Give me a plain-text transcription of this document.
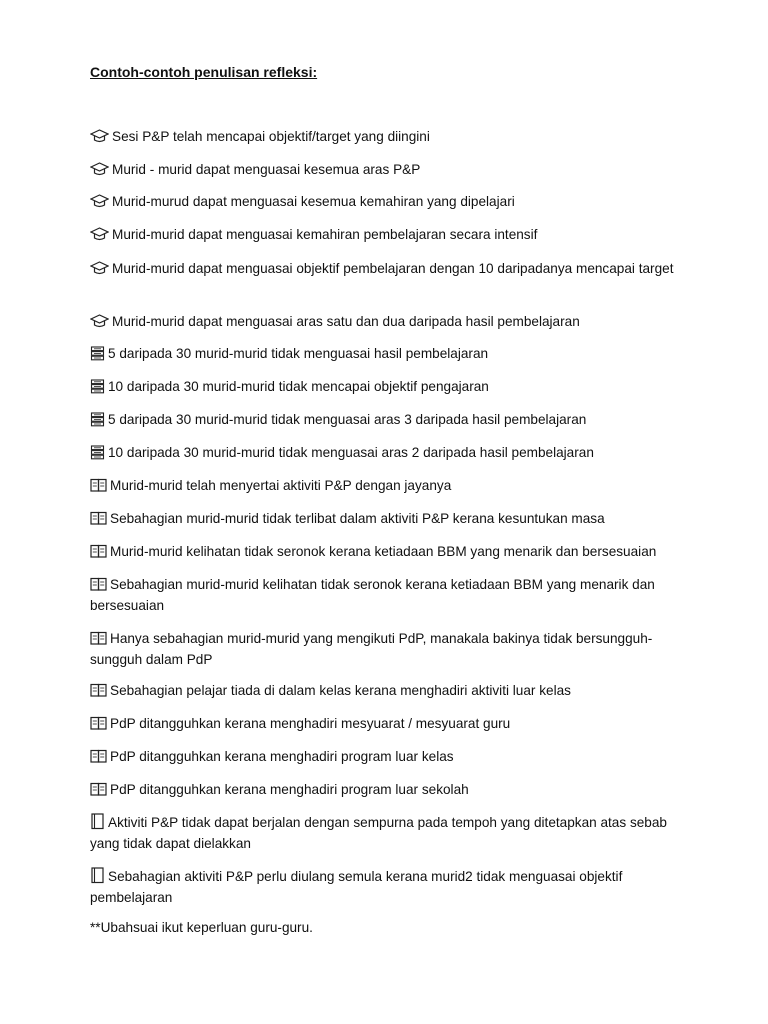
Contoh-contoh penulisan refleksi:
Sesi P&P telah mencapai objektif/target yang diingini
Murid - murid dapat menguasai kesemua aras P&P
Murid-murud dapat menguasai kesemua kemahiran yang dipelajari
Murid-murid dapat menguasai kemahiran pembelajaran secara intensif
Murid-murid dapat menguasai objektif pembelajaran dengan 10 daripadanya mencapai target
Murid-murid dapat menguasai aras satu dan dua daripada hasil pembelajaran
5 daripada 30 murid-murid tidak menguasai hasil pembelajaran
10 daripada 30 murid-murid tidak mencapai objektif pengajaran
5 daripada 30 murid-murid tidak menguasai aras 3 daripada hasil pembelajaran
10 daripada 30 murid-murid tidak menguasai aras 2 daripada hasil pembelajaran
Murid-murid telah menyertai aktiviti P&P dengan jayanya
Sebahagian murid-murid tidak terlibat dalam aktiviti P&P kerana kesuntukan masa
Murid-murid kelihatan tidak seronok kerana ketiadaan BBM yang menarik dan bersesuaian
Sebahagian murid-murid kelihatan tidak seronok kerana ketiadaan BBM yang menarik dan bersesuaian
Hanya sebahagian murid-murid yang mengikuti PdP, manakala bakinya tidak bersungguh-sungguh dalam PdP
Sebahagian pelajar tiada di dalam kelas kerana menghadiri aktiviti luar kelas
PdP ditangguhkan kerana menghadiri mesyuarat / mesyuarat guru
PdP ditangguhkan kerana menghadiri program luar kelas
PdP ditangguhkan kerana menghadiri program luar sekolah
Aktiviti P&P tidak dapat berjalan dengan sempurna pada tempoh yang ditetapkan atas sebab yang tidak dapat dielakkan
Sebahagian aktiviti P&P perlu diulang semula kerana murid2 tidak menguasai objektif pembelajaran
**Ubahsuai ikut keperluan guru-guru.
